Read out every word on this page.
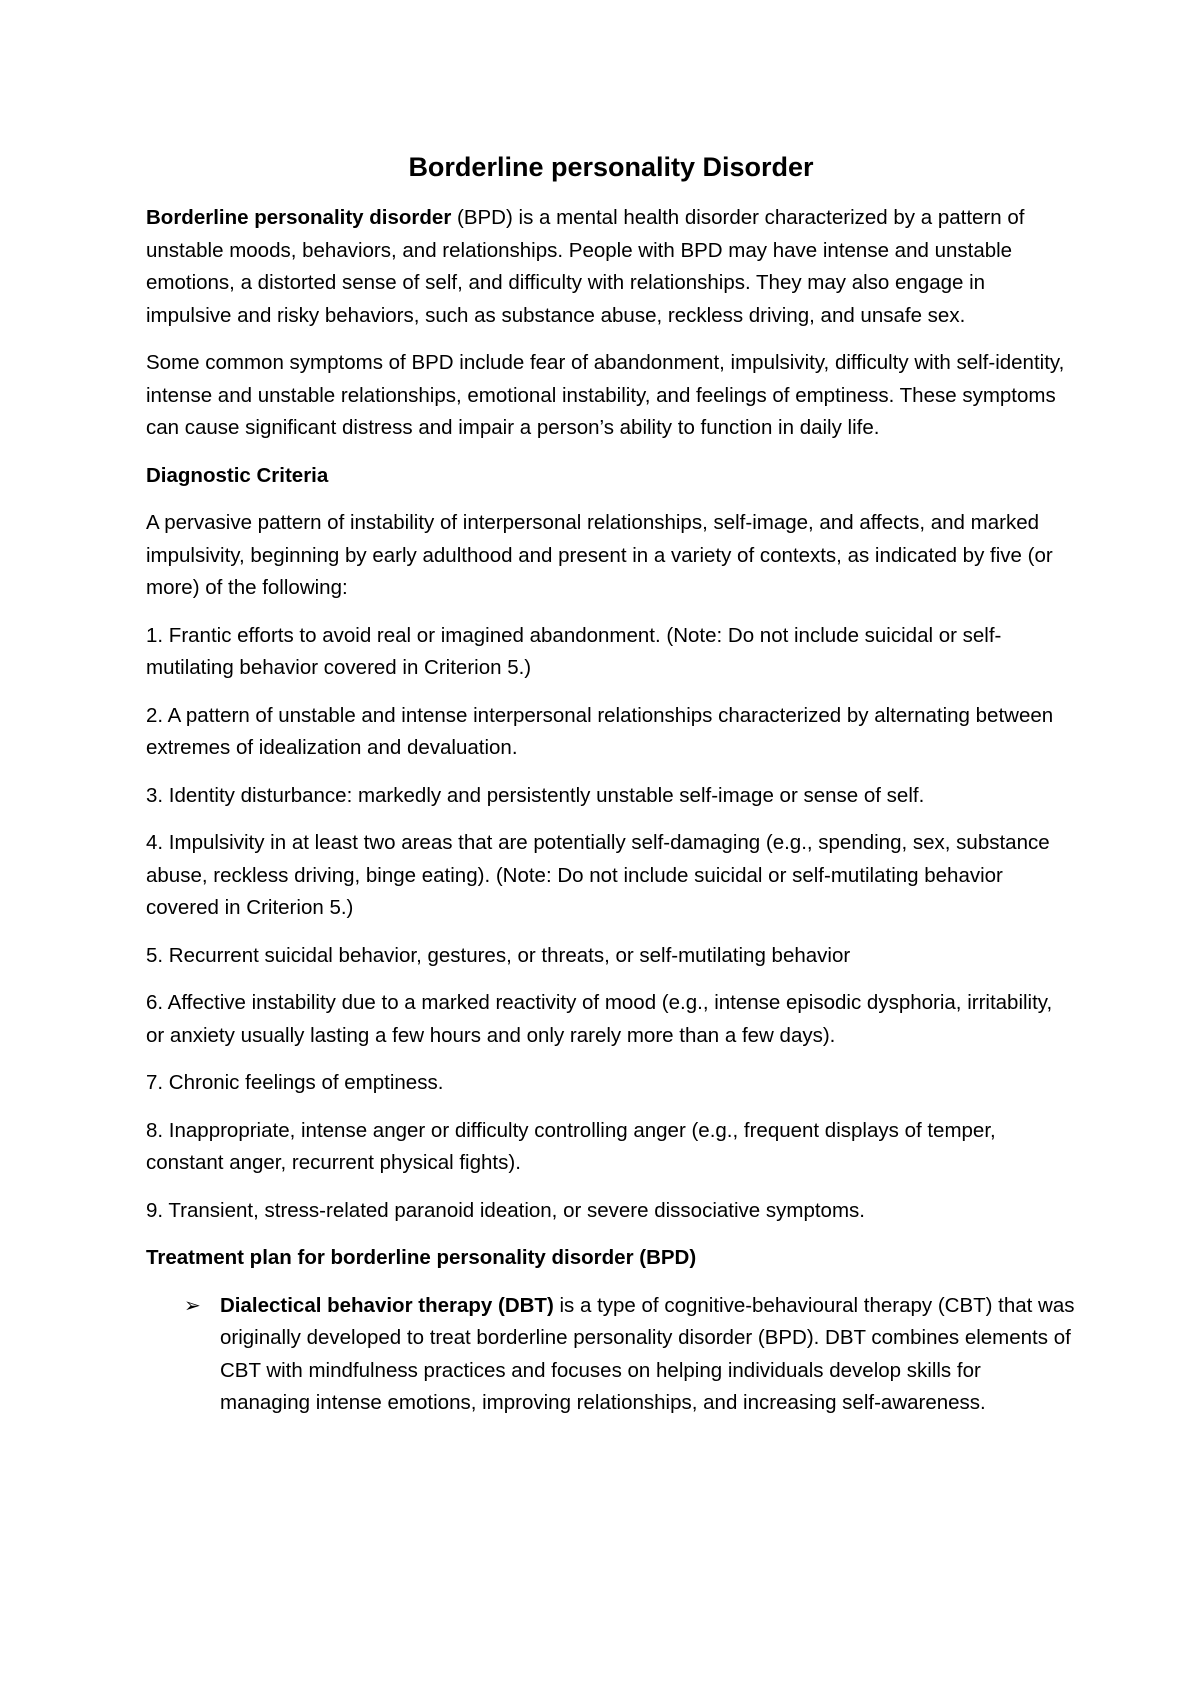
Borderline personality Disorder

Borderline personality disorder (BPD) is a mental health disorder characterized by a pattern of unstable moods, behaviors, and relationships. People with BPD may have intense and unstable emotions, a distorted sense of self, and difficulty with relationships. They may also engage in impulsive and risky behaviors, such as substance abuse, reckless driving, and unsafe sex.

Some common symptoms of BPD include fear of abandonment, impulsivity, difficulty with self-identity, intense and unstable relationships, emotional instability, and feelings of emptiness. These symptoms can cause significant distress and impair a person’s ability to function in daily life.

Diagnostic Criteria

A pervasive pattern of instability of interpersonal relationships, self-image, and affects, and marked impulsivity, beginning by early adulthood and present in a variety of contexts, as indicated by five (or more) of the following:

1. Frantic efforts to avoid real or imagined abandonment. (Note: Do not include suicidal or self-mutilating behavior covered in Criterion 5.)
2. A pattern of unstable and intense interpersonal relationships characterized by alternating between extremes of idealization and devaluation.
3. Identity disturbance: markedly and persistently unstable self-image or sense of self.
4. Impulsivity in at least two areas that are potentially self-damaging (e.g., spending, sex, substance abuse, reckless driving, binge eating). (Note: Do not include suicidal or self-mutilating behavior covered in Criterion 5.)
5. Recurrent suicidal behavior, gestures, or threats, or self-mutilating behavior
6. Affective instability due to a marked reactivity of mood (e.g., intense episodic dysphoria, irritability, or anxiety usually lasting a few hours and only rarely more than a few days).
7. Chronic feelings of emptiness.
8. Inappropriate, intense anger or difficulty controlling anger (e.g., frequent displays of temper, constant anger, recurrent physical fights).
9. Transient, stress-related paranoid ideation, or severe dissociative symptoms.
Treatment plan for borderline personality disorder (BPD)
➢ Dialectical behavior therapy (DBT) is a type of cognitive-behavioural therapy (CBT) that was originally developed to treat borderline personality disorder (BPD). DBT combines elements of CBT with mindfulness practices and focuses on helping individuals develop skills for managing intense emotions, improving relationships, and increasing self-awareness.
